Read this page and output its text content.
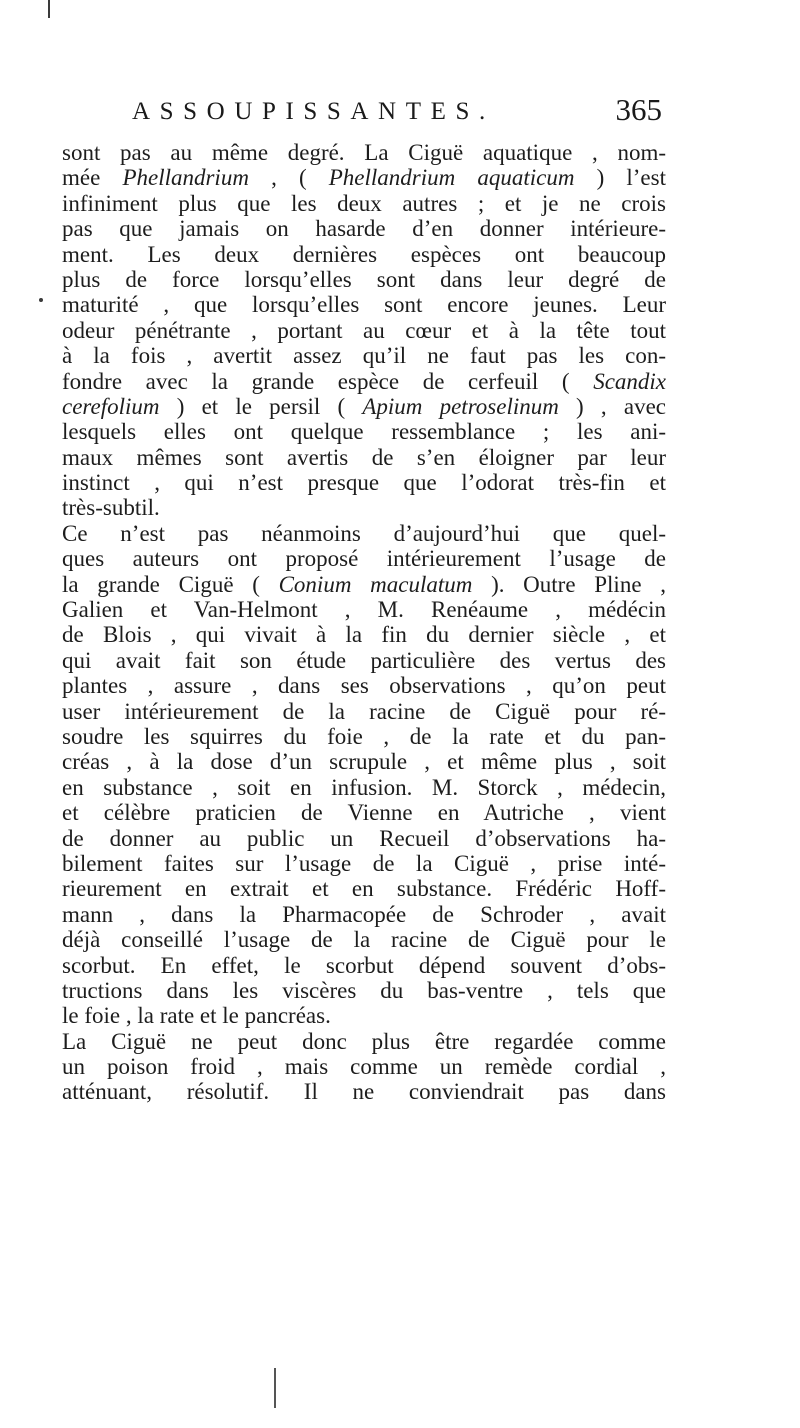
ASSOUPISSANTES.	365
sont pas au même degré. La Ciguë aquatique , nom-
mée Phellandrium , ( Phellandrium aquaticum ) l’est
infiniment plus que les deux autres ; et je ne crois
pas que jamais on hasarde d’en donner intérieure-
ment. Les deux dernières espèces ont beaucoup
plus de force lorsqu’elles sont dans leur degré de
maturité , que lorsqu’elles sont encore jeunes. Leur
odeur pénétrante , portant au cœur et à la tête tout
à la fois , avertit assez qu’il ne faut pas les con-
fondre avec la grande espèce de cerfeuil ( Scandix
cerefolium ) et le persil ( Apium petroselinum ) , avec
lesquels elles ont quelque ressemblance ; les ani-
maux mêmes sont avertis de s’en éloigner par leur
instinct , qui n’est presque que l’odorat très-fin et
très-subtil.
Ce n’est pas néanmoins d’aujourd’hui que quel-
ques auteurs ont proposé intérieurement l’usage de
la grande Ciguë ( Conium maculatum ). Outre Pline ,
Galien et Van-Helmont , M. Renéaume , médécin
de Blois , qui vivait à la fin du dernier siècle , et
qui avait fait son étude particulière des vertus des
plantes , assure , dans ses observations , qu’on peut
user intérieurement de la racine de Ciguë pour ré-
soudre les squirres du foie , de la rate et du pan-
créas , à la dose d’un scrupule , et même plus , soit
en substance , soit en infusion. M. Storck , médecin,
et célèbre praticien de Vienne en Autriche , vient
de donner au public un Recueil d’observations ha-
bilement faites sur l’usage de la Ciguë , prise inté-
rieurement en extrait et en substance. Frédéric Hoff-
mann , dans la Pharmacopée de Schroder , avait
déjà conseillé l’usage de la racine de Ciguë pour le
scorbut. En effet, le scorbut dépend souvent d’obs-
tructions dans les viscères du bas-ventre , tels que
le foie , la rate et le pancréas.
La Ciguë ne peut donc plus être regardée comme
un poison froid , mais comme un remède cordial ,
atténuant, résolutif. Il ne conviendrait pas dans
